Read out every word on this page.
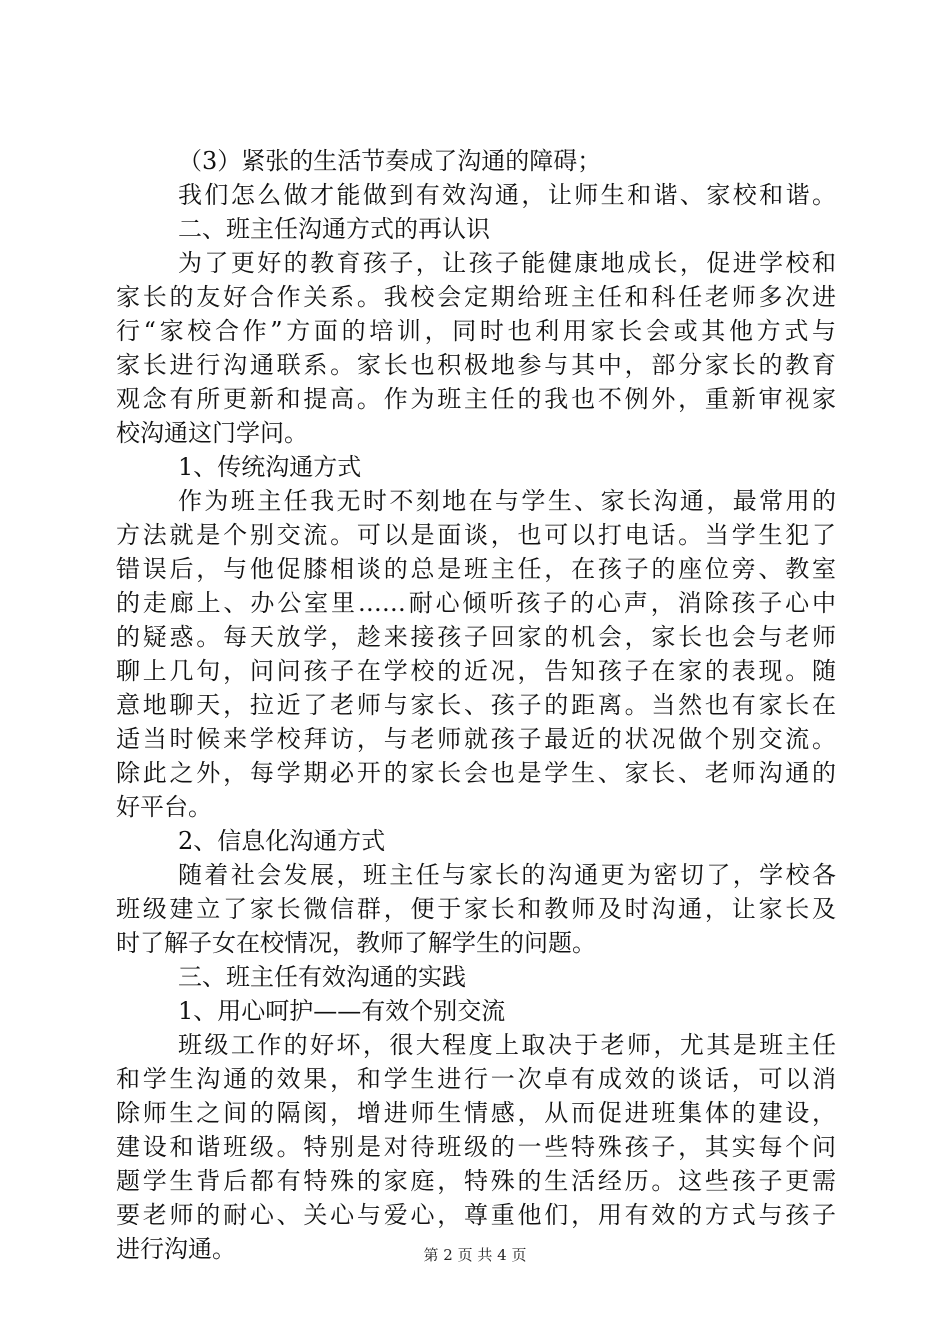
（3）紧张的生活节奏成了沟通的障碍；
我们怎么做才能做到有效沟通，让师生和谐、家校和谐。
二、班主任沟通方式的再认识
为了更好的教育孩子，让孩子能健康地成长，促进学校和
家长的友好合作关系。我校会定期给班主任和科任老师多次进
行“家校合作”方面的培训，同时也利用家长会或其他方式与
家长进行沟通联系。家长也积极地参与其中，部分家长的教育
观念有所更新和提高。作为班主任的我也不例外，重新审视家
校沟通这门学问。
1、传统沟通方式
作为班主任我无时不刻地在与学生、家长沟通，最常用的
方法就是个别交流。可以是面谈，也可以打电话。当学生犯了
错误后，与他促膝相谈的总是班主任，在孩子的座位旁、教室
的走廊上、办公室里……耐心倾听孩子的心声，消除孩子心中
的疑惑。每天放学，趁来接孩子回家的机会，家长也会与老师
聊上几句，问问孩子在学校的近况，告知孩子在家的表现。随
意地聊天，拉近了老师与家长、孩子的距离。当然也有家长在
适当时候来学校拜访，与老师就孩子最近的状况做个别交流。
除此之外，每学期必开的家长会也是学生、家长、老师沟通的
好平台。
2、信息化沟通方式
随着社会发展，班主任与家长的沟通更为密切了，学校各
班级建立了家长微信群，便于家长和教师及时沟通，让家长及
时了解子女在校情况，教师了解学生的问题。
三、班主任有效沟通的实践
1、用心呵护——有效个别交流
班级工作的好坏，很大程度上取决于老师，尤其是班主任
和学生沟通的效果，和学生进行一次卓有成效的谈话，可以消
除师生之间的隔阂，增进师生情感，从而促进班集体的建设，
建设和谐班级。特别是对待班级的一些特殊孩子，其实每个问
题学生背后都有特殊的家庭，特殊的生活经历。这些孩子更需
要老师的耐心、关心与爱心，尊重他们，用有效的方式与孩子
进行沟通。	第 2 页 共 4 页
